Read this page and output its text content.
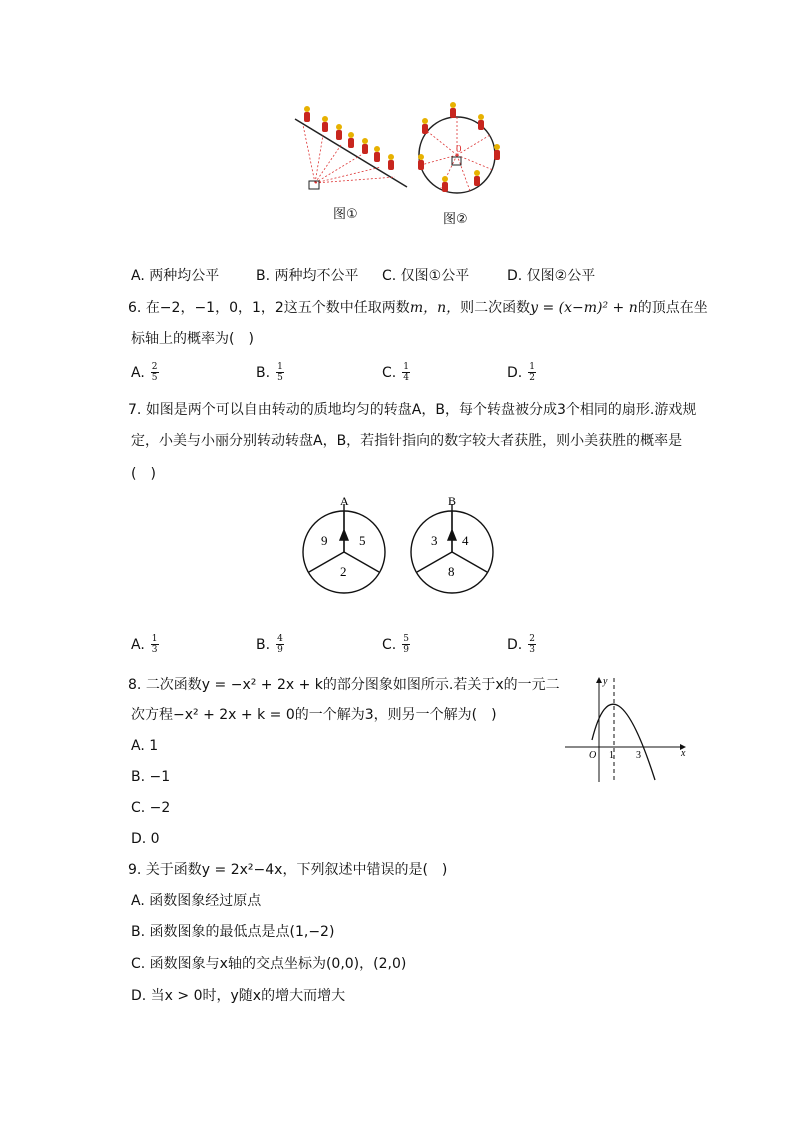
0
图①	图②
A. 两种均公平	B. 两种均不公平 C. 仅图①公平	D. 仅图②公平
6. 在−2，−1，0，1，2这五个数中任取两数m，n，则二次函数y = (x−m)² + n的顶点在坐
标轴上的概率为(　)
A. $\frac{2}{5}$	B. $\frac{1}{5}$	C. $\frac{1}{4}$	D. $\frac{1}{2}$
7. 如图是两个可以自由转动的质地均匀的转盘A，B，每个转盘被分成3个相同的扇形.游戏规
定，小美与小丽分别转动转盘A，B，若指针指向的数字较大者获胜，则小美获胜的概率是
(　)
A
9 5
2
B
3 4
8
A. $\frac{1}{3}$	B. $\frac{4}{9}$	C. $\frac{5}{9}$	D. $\frac{2}{3}$
8. 二次函数y = −x² + 2x + k的部分图象如图所示.若关于x的一元二
次方程−x² + 2x + k = 0的一个解为3，则另一个解为(　)
A. 1
B. −1
C. −2
D. 0
y
x
O 1 3
9. 关于函数y = 2x²−4x，下列叙述中错误的是(　)
A. 函数图象经过原点
B. 函数图象的最低点是点(1,−2)
C. 函数图象与x轴的交点坐标为(0,0)，(2,0)
D. 当x > 0时，y随x的增大而增大
